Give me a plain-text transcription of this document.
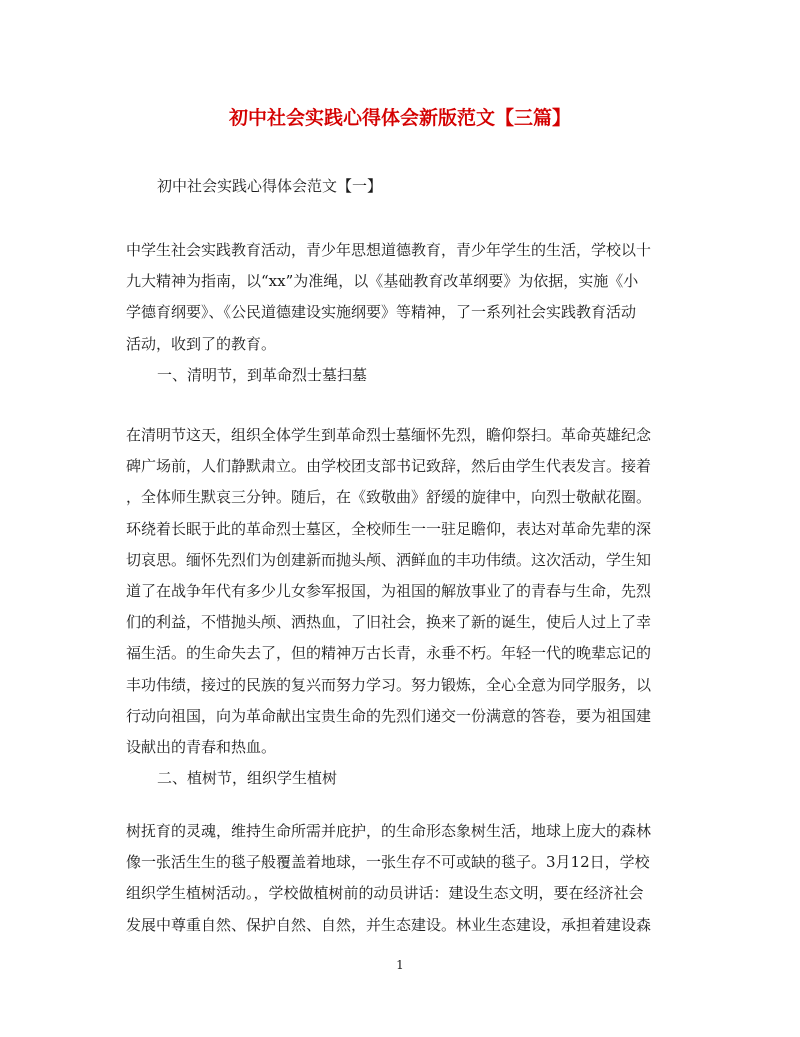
初中社会实践心得体会新版范文【三篇】

初中社会实践心得体会范文【一】

中学生社会实践教育活动，青少年思想道德教育，青少年学生的生活，学校以十
九大精神为指南，以“xx”为准绳，以《基础教育改革纲要》为依据，实施《小
学德育纲要》、《公民道德建设实施纲要》等精神，了一系列社会实践教育活动
活动，收到了的教育。

一、清明节，到革命烈士墓扫墓

在清明节这天，组织全体学生到革命烈士墓缅怀先烈，瞻仰祭扫。革命英雄纪念
碑广场前，人们静默肃立。由学校团支部书记致辞，然后由学生代表发言。接着
，全体师生默哀三分钟。随后，在《致敬曲》舒缓的旋律中，向烈士敬献花圈。
环绕着长眠于此的革命烈士墓区，全校师生一一驻足瞻仰，表达对革命先辈的深
切哀思。缅怀先烈们为创建新而抛头颅、洒鲜血的丰功伟绩。这次活动，学生知
道了在战争年代有多少儿女参军报国，为祖国的解放事业了的青春与生命，先烈
们的利益，不惜抛头颅、洒热血，了旧社会，换来了新的诞生，使后人过上了幸
福生活。的生命失去了，但的精神万古长青，永垂不朽。年轻一代的晚辈忘记的
丰功伟绩，接过的民族的复兴而努力学习。努力锻炼，全心全意为同学服务，以
行动向祖国，向为革命献出宝贵生命的先烈们递交一份满意的答卷，要为祖国建
设献出的青春和热血。

二、植树节，组织学生植树

树抚育的灵魂，维持生命所需并庇护，的生命形态象树生活，地球上庞大的森林
像一张活生生的毯子般覆盖着地球，一张生存不可或缺的毯子。3月12日，学校
组织学生植树活动。，学校做植树前的动员讲话：建设生态文明，要在经济社会
发展中尊重自然、保护自然、自然，并生态建设。林业生态建设，承担着建设森

1
